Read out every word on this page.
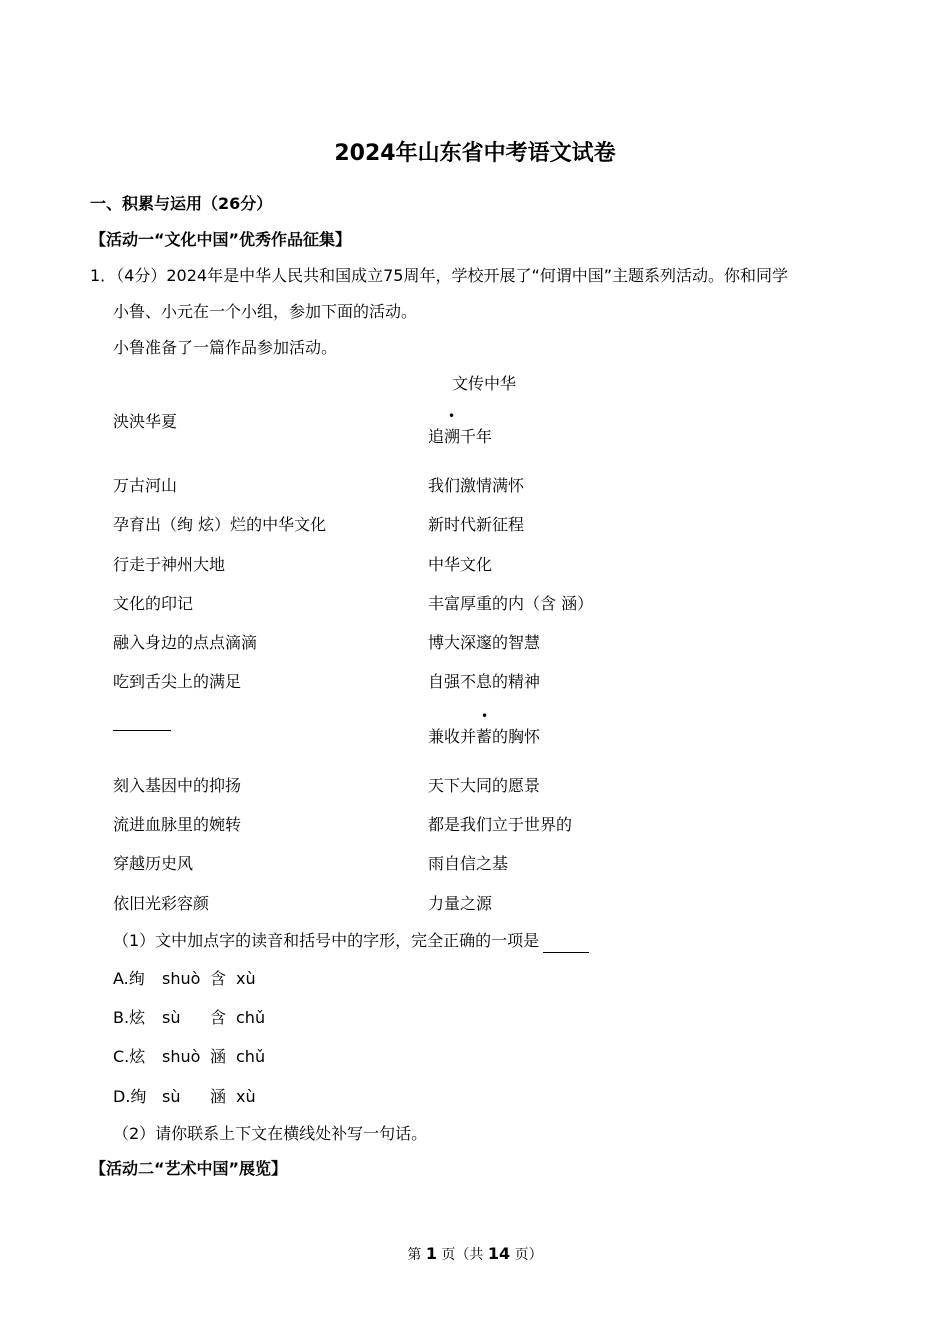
2024年山东省中考语文试卷
一、积累与运用（26分）
【活动一“文化中国”优秀作品征集】
1．（4分）2024年是中华人民共和国成立75周年，学校开展了“何谓中国”主题系列活动。你和同学
小鲁、小元在一个小组，参加下面的活动。
小鲁准备了一篇作品参加活动。
文传中华
泱泱华夏
万古河山
孕育出（绚 炫）烂的中华文化
行走于神州大地
文化的印记
融入身边的点点滴滴
吃到舌尖上的满足
刻入基因中的抑扬
流进血脉里的婉转
穿越历史风
依旧光彩容颜
•
追溯千年
我们激情满怀
新时代新征程
中华文化
丰富厚重的内（含 涵）
博大深邃的智慧
自强不息的精神
•
兼收并蓄的胸怀
天下大同的愿景
都是我们立于世界的
雨自信之基
力量之源
（1）文中加点字的读音和括号中的字形，完全正确的一项是
A.绚 shuò 含 xù
B.炫 sù 含 chǔ
C.炫 shuò 涵 chǔ
D.绚 sù 涵 xù
（2）请你联系上下文在横线处补写一句话。
【活动二“艺术中国”展览】
第 1 页（共 14 页）
